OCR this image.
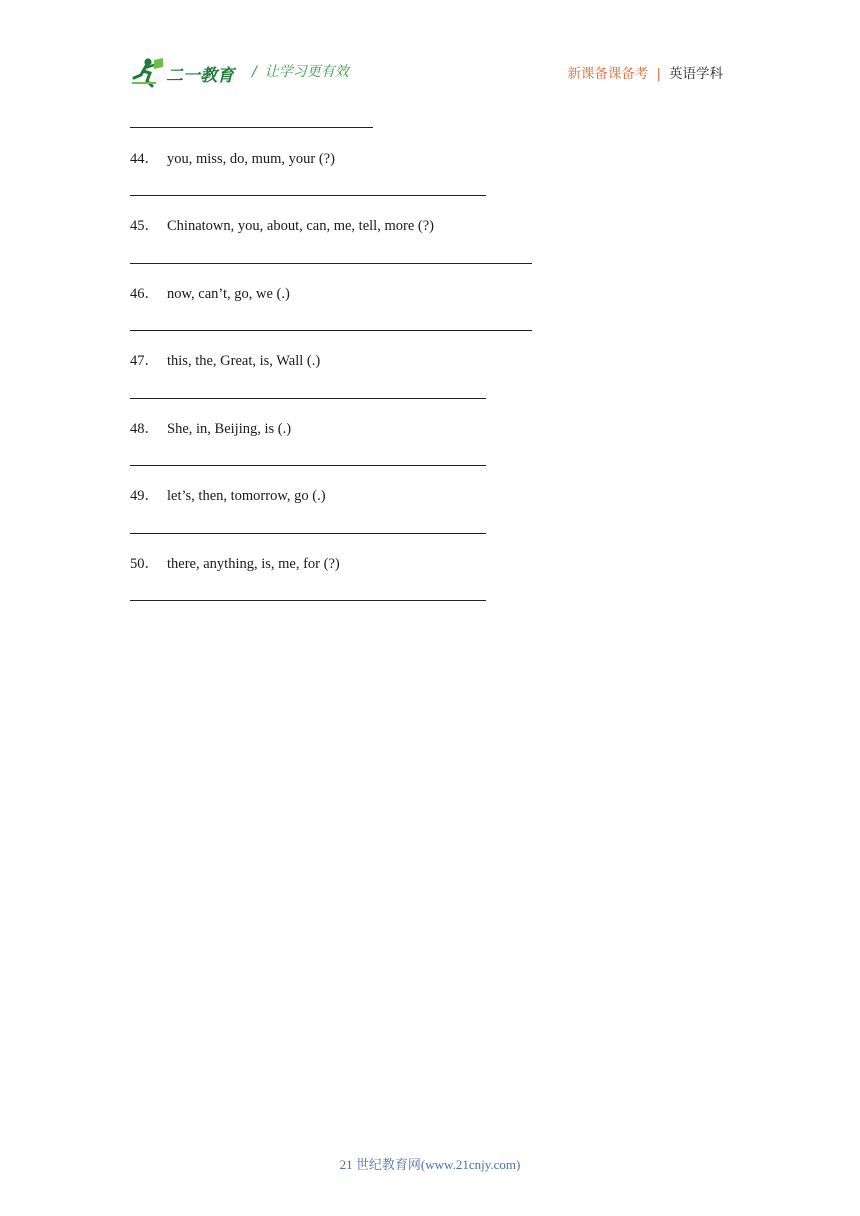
二一教育 / 让学习更有效	新课备课备考 | 英语学科
44． you, miss, do, mum, your (?)
45． Chinatown, you, about, can, me, tell, more (?)
46． now, can’t, go, we (.)
47． this, the, Great, is, Wall (.)
48． She, in, Beijing, is (.)
49． let’s, then, tomorrow, go (.)
50． there, anything, is, me, for (?)
21 世纪教育网(www.21cnjy.com)
